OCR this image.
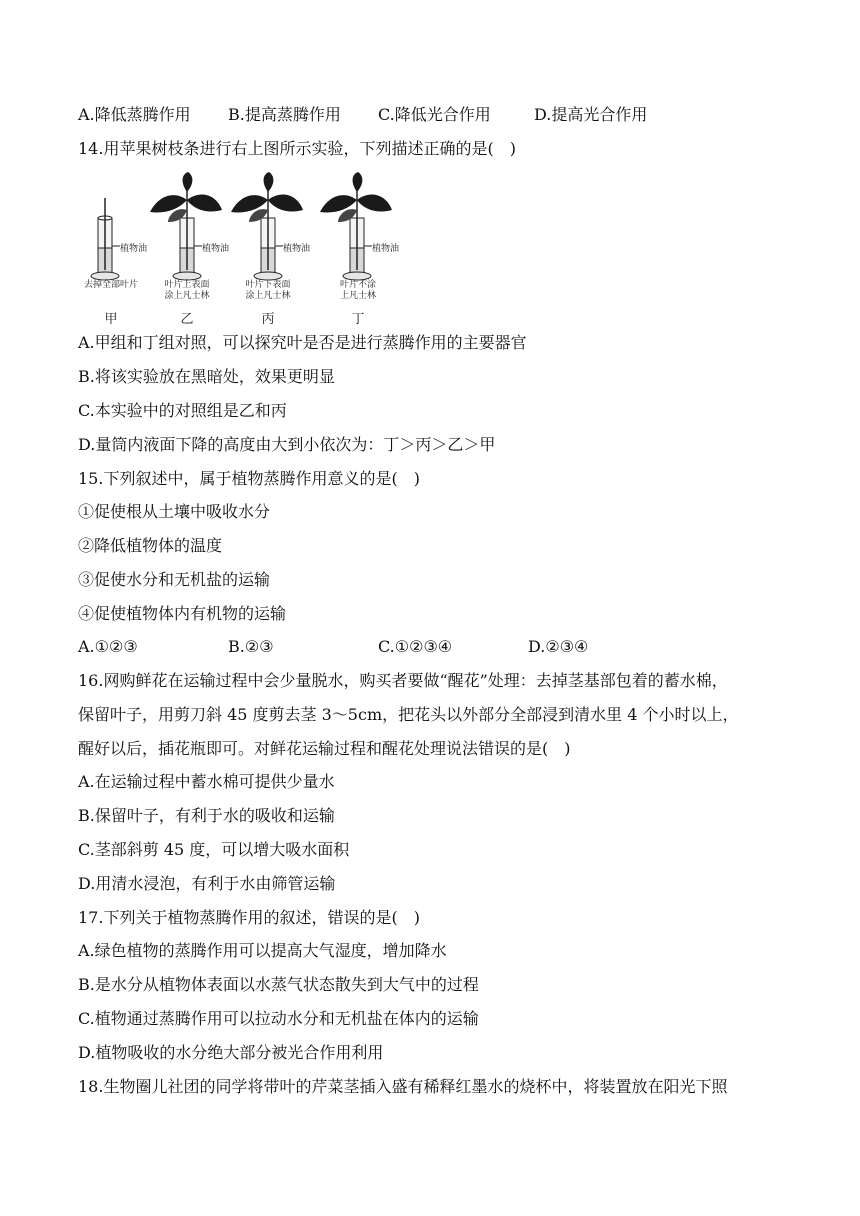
A.降低蒸腾作用 B.提高蒸腾作用 C.降低光合作用	D.提高光合作用
14.用苹果树枝条进行右上图所示实验，下列描述正确的是(　)
植物油	植物油	植物油	植物油
去掉全部叶片	叶片上表面
涂上凡士林
叶片下表面
涂上凡士林
叶片不涂
上凡士林
甲	乙	丙	丁
A.甲组和丁组对照，可以探究叶是否是进行蒸腾作用的主要器官
B.将该实验放在黑暗处，效果更明显
C.本实验中的对照组是乙和丙
D.量筒内液面下降的高度由大到小依次为：丁＞丙＞乙＞甲
15.下列叙述中，属于植物蒸腾作用意义的是(　)
①促使根从土壤中吸收水分
②降低植物体的温度
③促使水分和无机盐的运输
④促使植物体内有机物的运输
A.①②③	B.②③	C.①②③④	D.②③④
16.网购鲜花在运输过程中会少量脱水，购买者要做“醒花”处理：去掉茎基部包着的蓄水棉，
保留叶子，用剪刀斜 45 度剪去茎 3～5cm，把花头以外部分全部浸到清水里 4 个小时以上，
醒好以后，插花瓶即可。对鲜花运输过程和醒花处理说法错误的是(　)
A.在运输过程中蓄水棉可提供少量水
B.保留叶子，有利于水的吸收和运输
C.茎部斜剪 45 度，可以增大吸水面积
D.用清水浸泡，有利于水由筛管运输
17.下列关于植物蒸腾作用的叙述，错误的是(　)
A.绿色植物的蒸腾作用可以提高大气湿度，增加降水
B.是水分从植物体表面以水蒸气状态散失到大气中的过程
C.植物通过蒸腾作用可以拉动水分和无机盐在体内的运输
D.植物吸收的水分绝大部分被光合作用利用
18.生物圈儿社团的同学将带叶的芹菜茎插入盛有稀释红墨水的烧杯中，将装置放在阳光下照
